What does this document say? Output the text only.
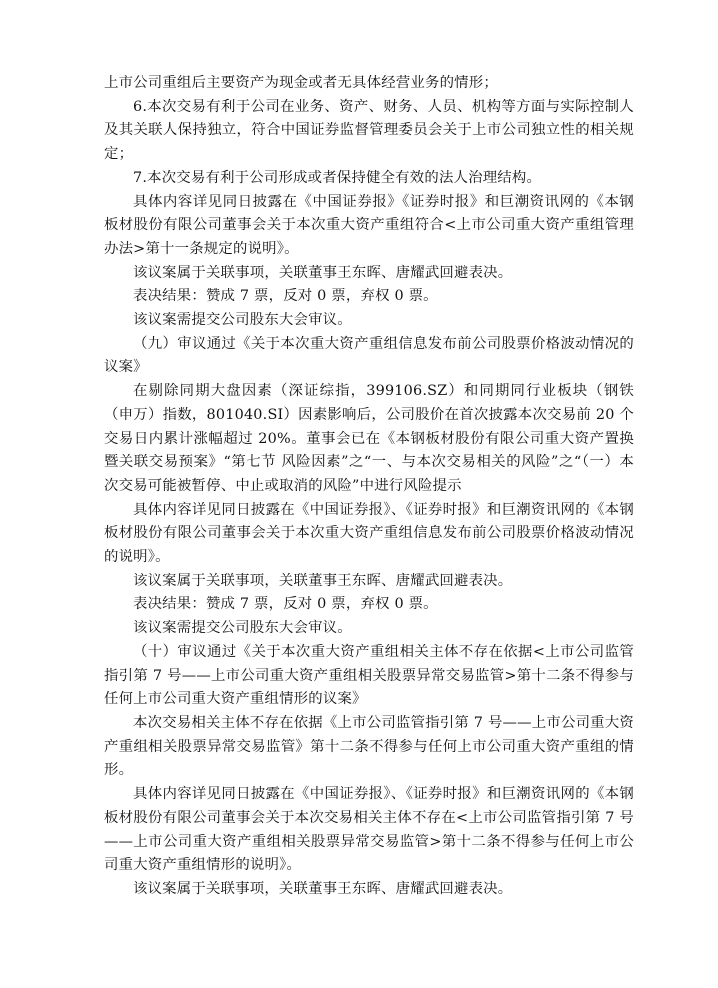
上市公司重组后主要资产为现金或者无具体经营业务的情形；

6.本次交易有利于公司在业务、资产、财务、人员、机构等方面与实际控制人及其关联人保持独立，符合中国证券监督管理委员会关于上市公司独立性的相关规定；

7.本次交易有利于公司形成或者保持健全有效的法人治理结构。

具体内容详见同日披露在《中国证券报》《证券时报》和巨潮资讯网的《本钢板材股份有限公司董事会关于本次重大资产重组符合<上市公司重大资产重组管理办法>第十一条规定的说明》。

该议案属于关联事项，关联董事王东晖、唐耀武回避表决。

表决结果：赞成 7 票，反对 0 票，弃权 0 票。

该议案需提交公司股东大会审议。

（九）审议通过《关于本次重大资产重组信息发布前公司股票价格波动情况的议案》

在剔除同期大盘因素（深证综指，399106.SZ）和同期同行业板块（钢铁（申万）指数，801040.SI）因素影响后，公司股价在首次披露本次交易前 20 个交易日内累计涨幅超过 20%。董事会已在《本钢板材股份有限公司重大资产置换暨关联交易预案》“第七节 风险因素”之“一、与本次交易相关的风险”之“（一）本次交易可能被暂停、中止或取消的风险”中进行风险提示

具体内容详见同日披露在《中国证券报》、《证券时报》和巨潮资讯网的《本钢板材股份有限公司董事会关于本次重大资产重组信息发布前公司股票价格波动情况的说明》。

该议案属于关联事项，关联董事王东晖、唐耀武回避表决。

表决结果：赞成 7 票，反对 0 票，弃权 0 票。

该议案需提交公司股东大会审议。

（十）审议通过《关于本次重大资产重组相关主体不存在依据<上市公司监管指引第 7 号——上市公司重大资产重组相关股票异常交易监管>第十二条不得参与任何上市公司重大资产重组情形的议案》

本次交易相关主体不存在依据《上市公司监管指引第 7 号——上市公司重大资产重组相关股票异常交易监管》第十二条不得参与任何上市公司重大资产重组的情形。

具体内容详见同日披露在《中国证券报》、《证券时报》和巨潮资讯网的《本钢板材股份有限公司董事会关于本次交易相关主体不存在<上市公司监管指引第 7 号——上市公司重大资产重组相关股票异常交易监管>第十二条不得参与任何上市公司重大资产重组情形的说明》。

该议案属于关联事项，关联董事王东晖、唐耀武回避表决。
